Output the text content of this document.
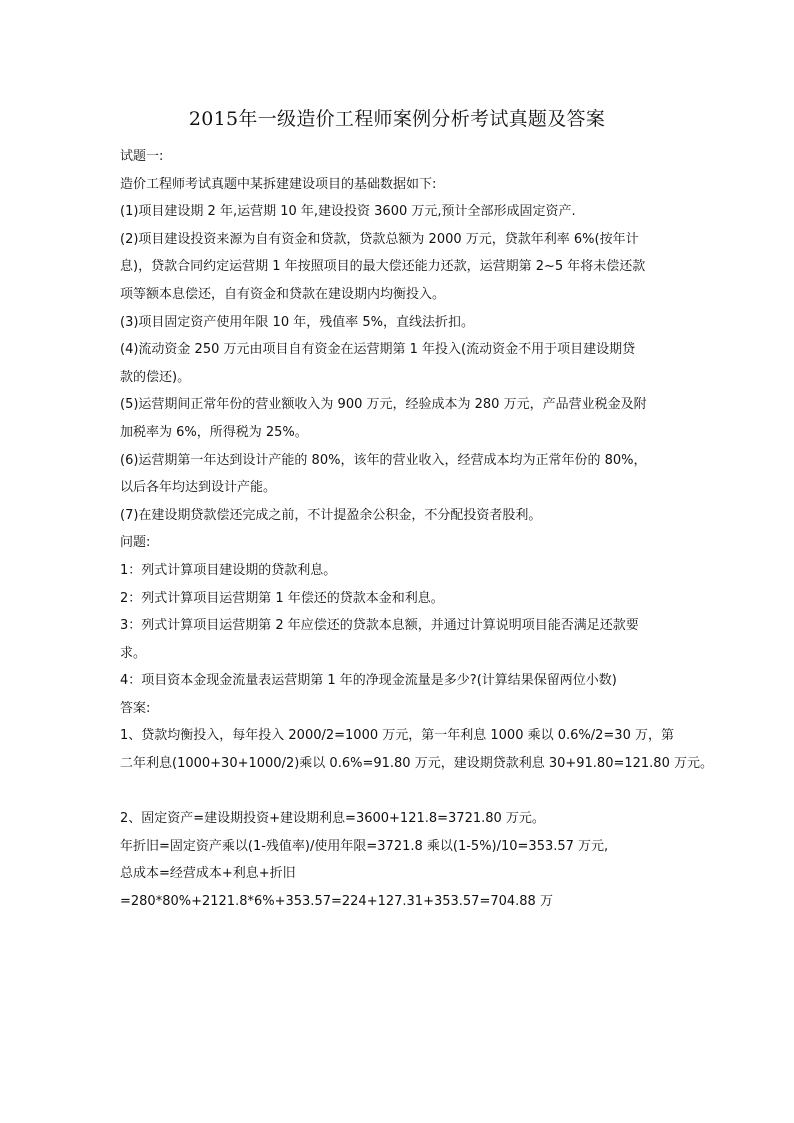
2015年一级造价工程师案例分析考试真题及答案
试题一:
造价工程师考试真题中某拆建建设项目的基础数据如下:
(1)项目建设期 2 年,运营期 10 年,建设投资 3600 万元,预计全部形成固定资产.
(2)项目建设投资来源为自有资金和贷款，贷款总额为 2000 万元，贷款年利率 6%(按年计
息)，贷款合同约定运营期 1 年按照项目的最大偿还能力还款，运营期第 2~5 年将未偿还款
项等额本息偿还，自有资金和贷款在建设期内均衡投入。
(3)项目固定资产使用年限 10 年，残值率 5%，直线法折扣。
(4)流动资金 250 万元由项目自有资金在运营期第 1 年投入(流动资金不用于项目建设期贷
款的偿还)。
(5)运营期间正常年份的营业额收入为 900 万元，经验成本为 280 万元，产品营业税金及附
加税率为 6%，所得税为 25%。
(6)运营期第一年达到设计产能的 80%，该年的营业收入，经营成本均为正常年份的 80%，
以后各年均达到设计产能。
(7)在建设期贷款偿还完成之前，不计提盈余公积金，不分配投资者股利。
问题:
1：列式计算项目建设期的贷款利息。
2：列式计算项目运营期第 1 年偿还的贷款本金和利息。
3：列式计算项目运营期第 2 年应偿还的贷款本息额，并通过计算说明项目能否满足还款要
求。
4：项目资本金现金流量表运营期第 1 年的净现金流量是多少?(计算结果保留两位小数)
答案:
1、贷款均衡投入，每年投入 2000/2=1000 万元，第一年利息 1000 乘以 0.6%/2=30 万，第
二年利息(1000+30+1000/2)乘以 0.6%=91.80 万元，建设期贷款利息 30+91.80=121.80 万元。
2、固定资产=建设期投资+建设期利息=3600+121.8=3721.80 万元。
年折旧=固定资产乘以(1-残值率)/使用年限=3721.8 乘以(1-5%)/10=353.57 万元,
总成本=经营成本+利息+折旧
=280*80%+2121.8*6%+353.57=224+127.31+353.57=704.88 万
